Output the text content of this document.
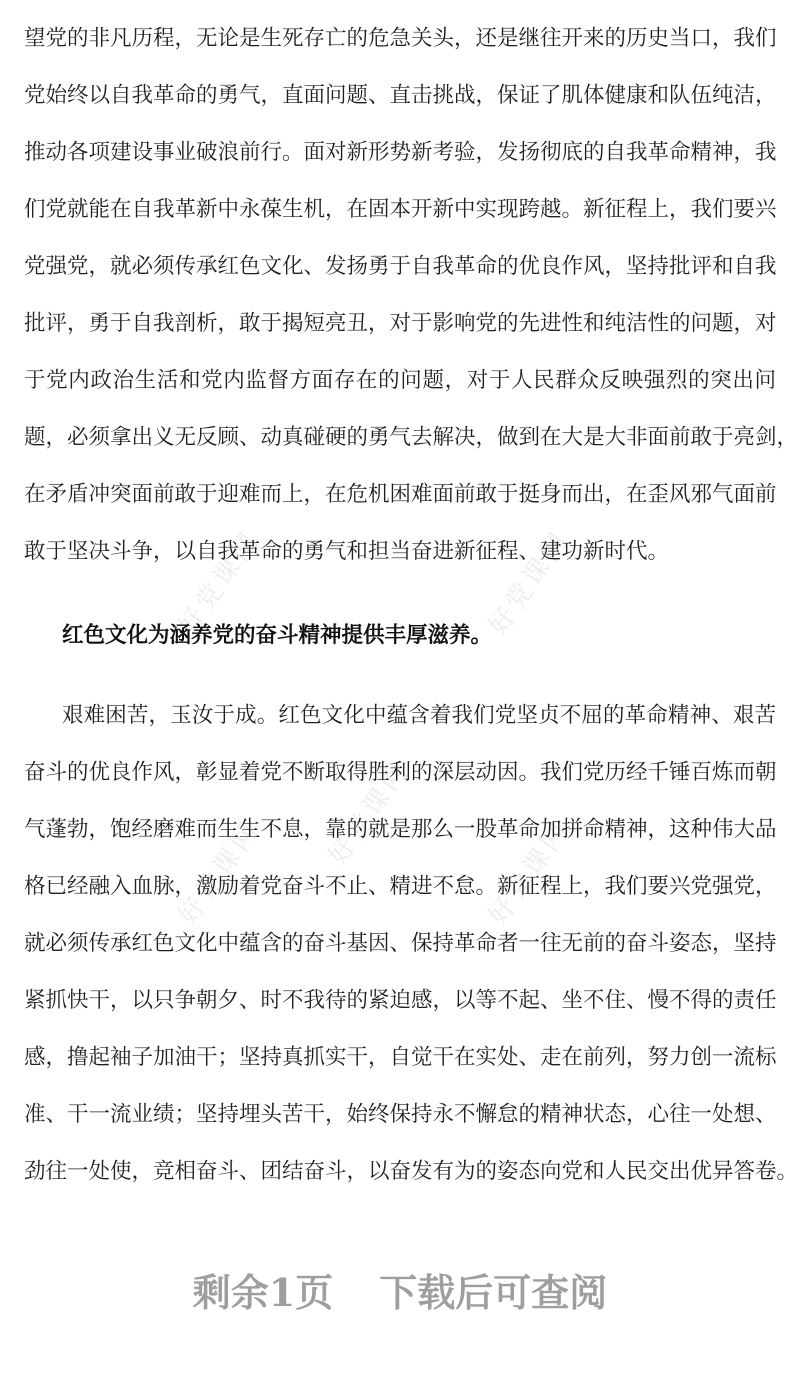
好党课网	好党课网
好党课网
好党课网
好党课网
望党的非凡历程，无论是生死存亡的危急关头，还是继往开来的历史当口，我们
党始终以自我革命的勇气，直面问题、直击挑战，保证了肌体健康和队伍纯洁，
推动各项建设事业破浪前行。面对新形势新考验，发扬彻底的自我革命精神，我
们党就能在自我革新中永葆生机，在固本开新中实现跨越。新征程上，我们要兴
党强党，就必须传承红色文化、发扬勇于自我革命的优良作风，坚持批评和自我
批评，勇于自我剖析，敢于揭短亮丑，对于影响党的先进性和纯洁性的问题，对
于党内政治生活和党内监督方面存在的问题，对于人民群众反映强烈的突出问
题，必须拿出义无反顾、动真碰硬的勇气去解决，做到在大是大非面前敢于亮剑，
在矛盾冲突面前敢于迎难而上，在危机困难面前敢于挺身而出，在歪风邪气面前
敢于坚决斗争，以自我革命的勇气和担当奋进新征程、建功新时代。
红色文化为涵养党的奋斗精神提供丰厚滋养。
艰难困苦，玉汝于成。红色文化中蕴含着我们党坚贞不屈的革命精神、艰苦
奋斗的优良作风，彰显着党不断取得胜利的深层动因。我们党历经千锤百炼而朝
气蓬勃，饱经磨难而生生不息，靠的就是那么一股革命加拼命精神，这种伟大品
格已经融入血脉，激励着党奋斗不止、精进不怠。新征程上，我们要兴党强党，
就必须传承红色文化中蕴含的奋斗基因、保持革命者一往无前的奋斗姿态，坚持
紧抓快干，以只争朝夕、时不我待的紧迫感，以等不起、坐不住、慢不得的责任
感，撸起袖子加油干；坚持真抓实干，自觉干在实处、走在前列，努力创一流标
准、干一流业绩；坚持埋头苦干，始终保持永不懈怠的精神状态，心往一处想、
劲往一处使，竞相奋斗、团结奋斗，以奋发有为的姿态向党和人民交出优异答卷。
剩余1页 下载后可查阅
